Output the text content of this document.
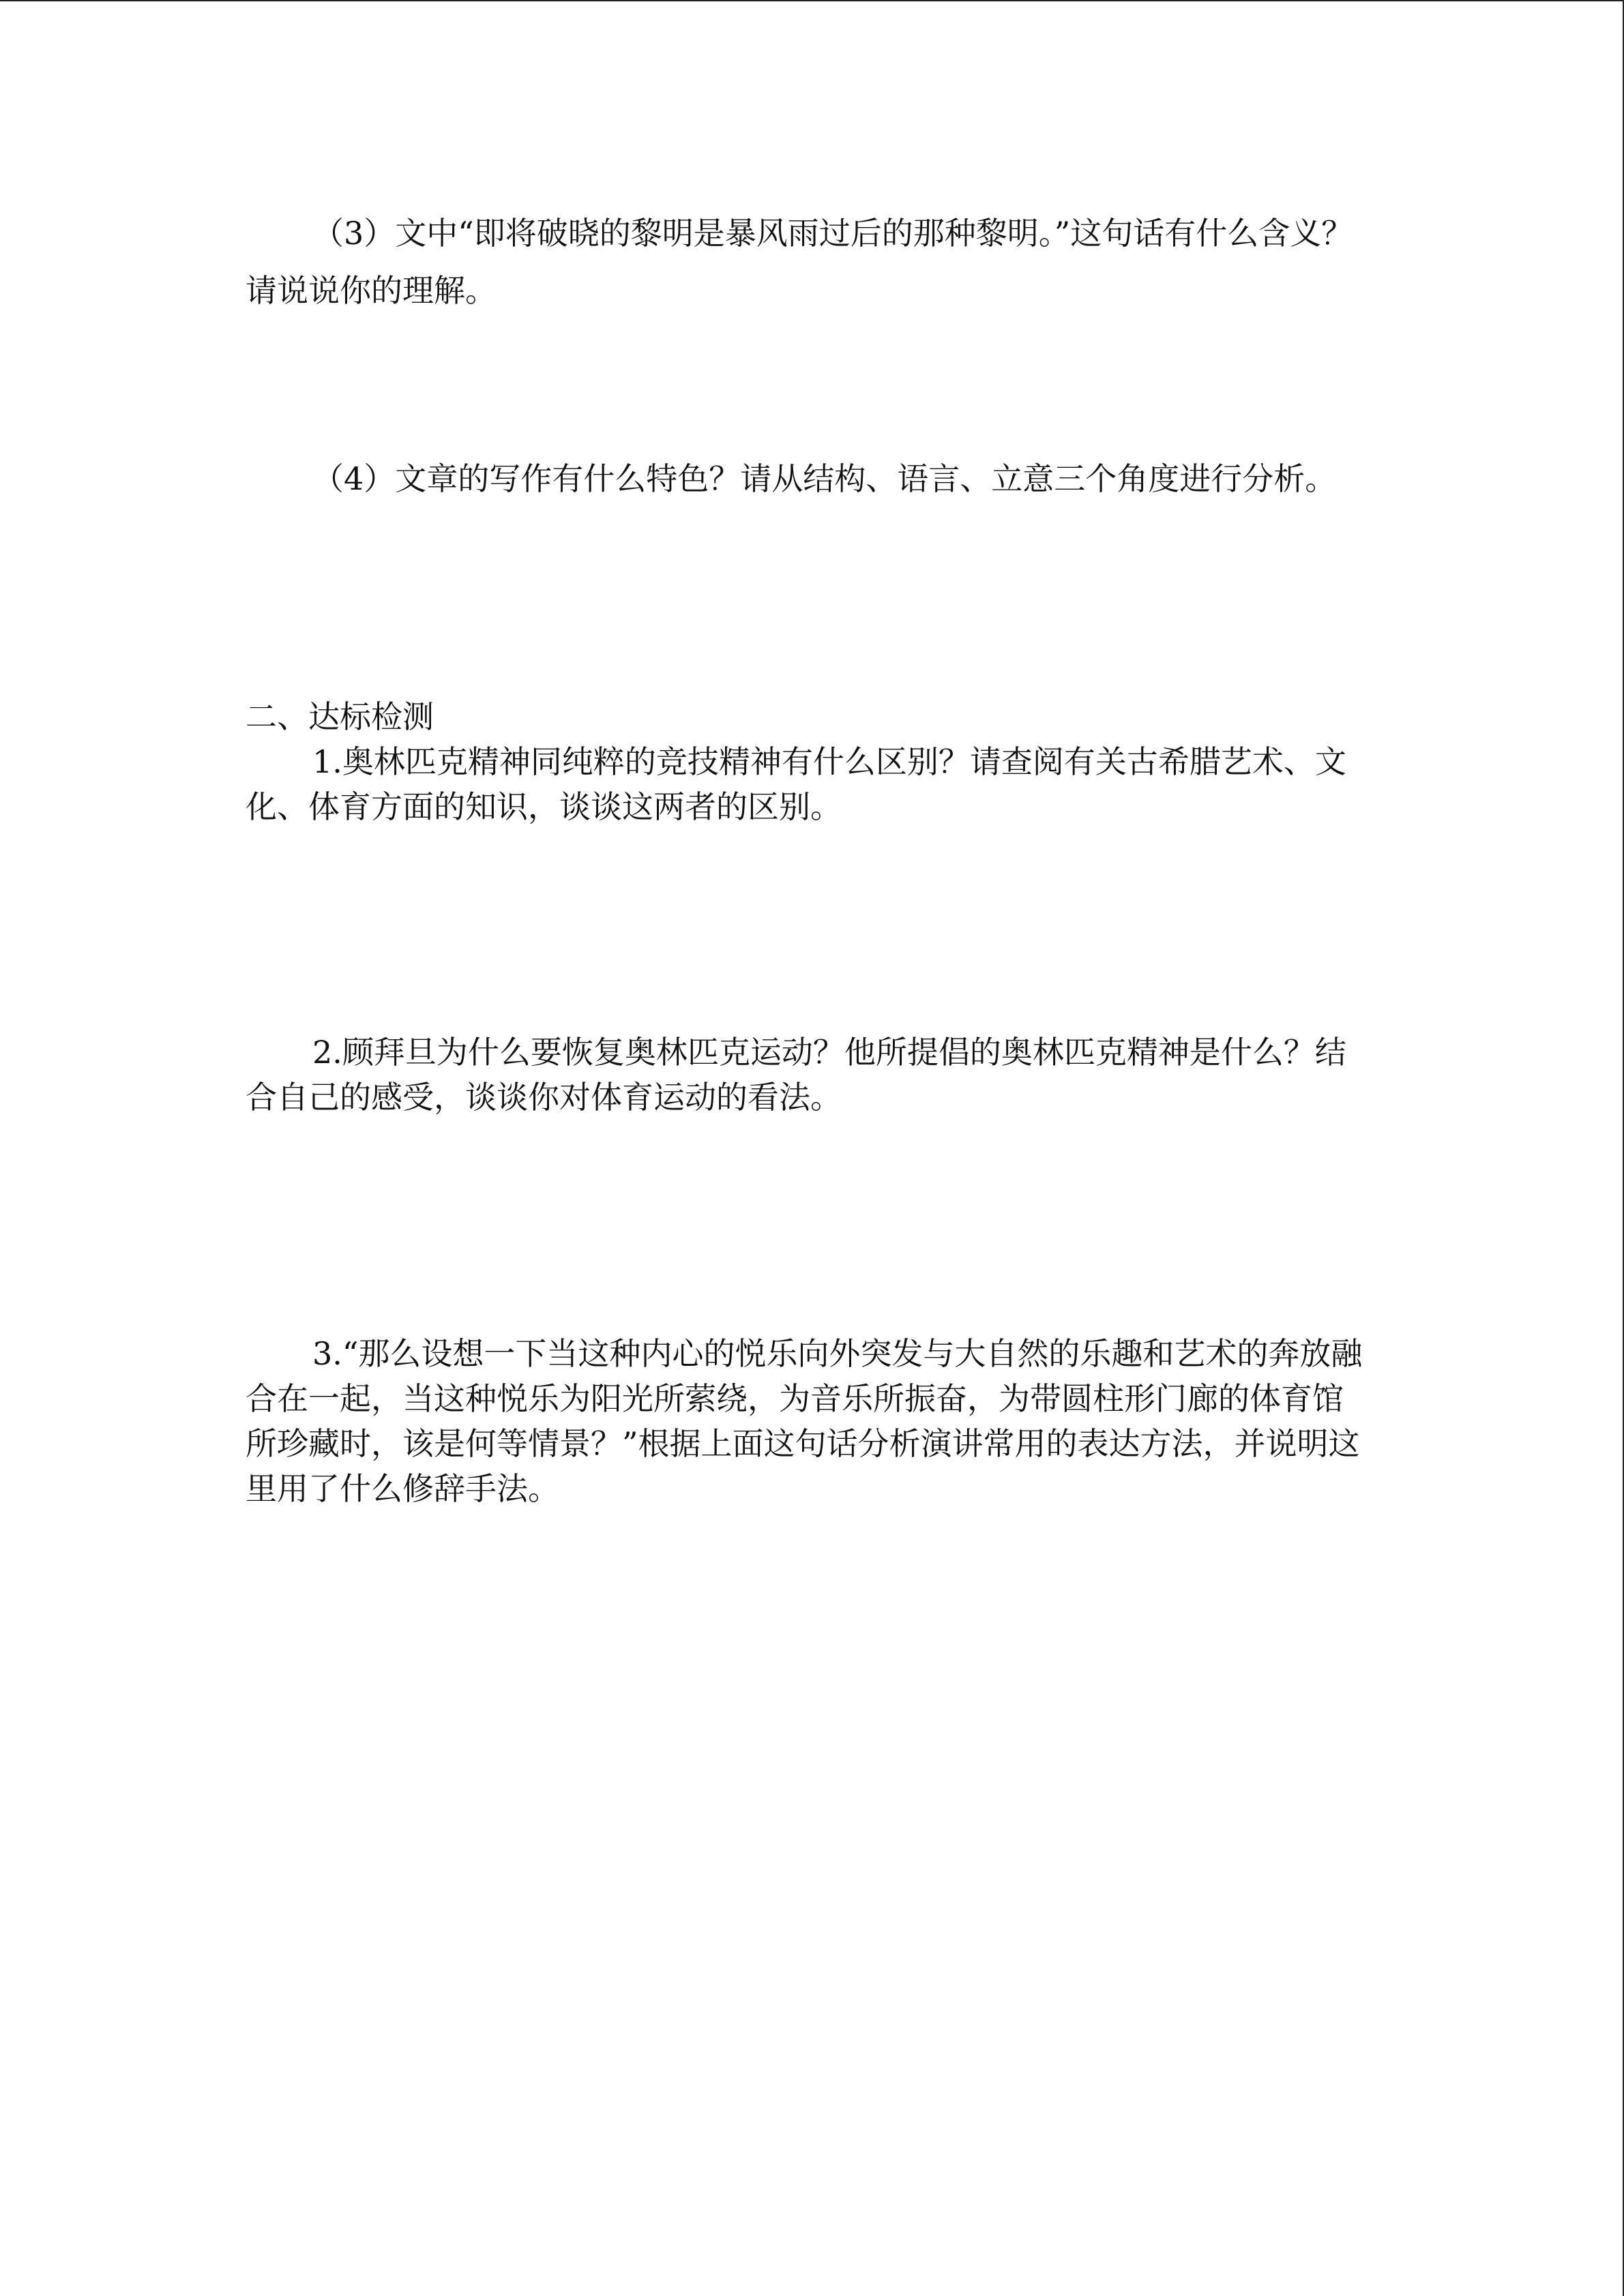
（3）文中“即将破晓的黎明是暴风雨过后的那种黎明。”这句话有什么含义？请说说你的理解。

（4）文章的写作有什么特色？请从结构、语言、立意三个角度进行分析。

二、达标检测

1.奥林匹克精神同纯粹的竞技精神有什么区别？请查阅有关古希腊艺术、文化、体育方面的知识，谈谈这两者的区别。

2.顾拜旦为什么要恢复奥林匹克运动？他所提倡的奥林匹克精神是什么？结合自己的感受，谈谈你对体育运动的看法。

3.“那么设想一下当这种内心的悦乐向外突发与大自然的乐趣和艺术的奔放融合在一起，当这种悦乐为阳光所萦绕，为音乐所振奋，为带圆柱形门廊的体育馆所珍藏时，该是何等情景？”根据上面这句话分析演讲常用的表达方法，并说明这里用了什么修辞手法。
